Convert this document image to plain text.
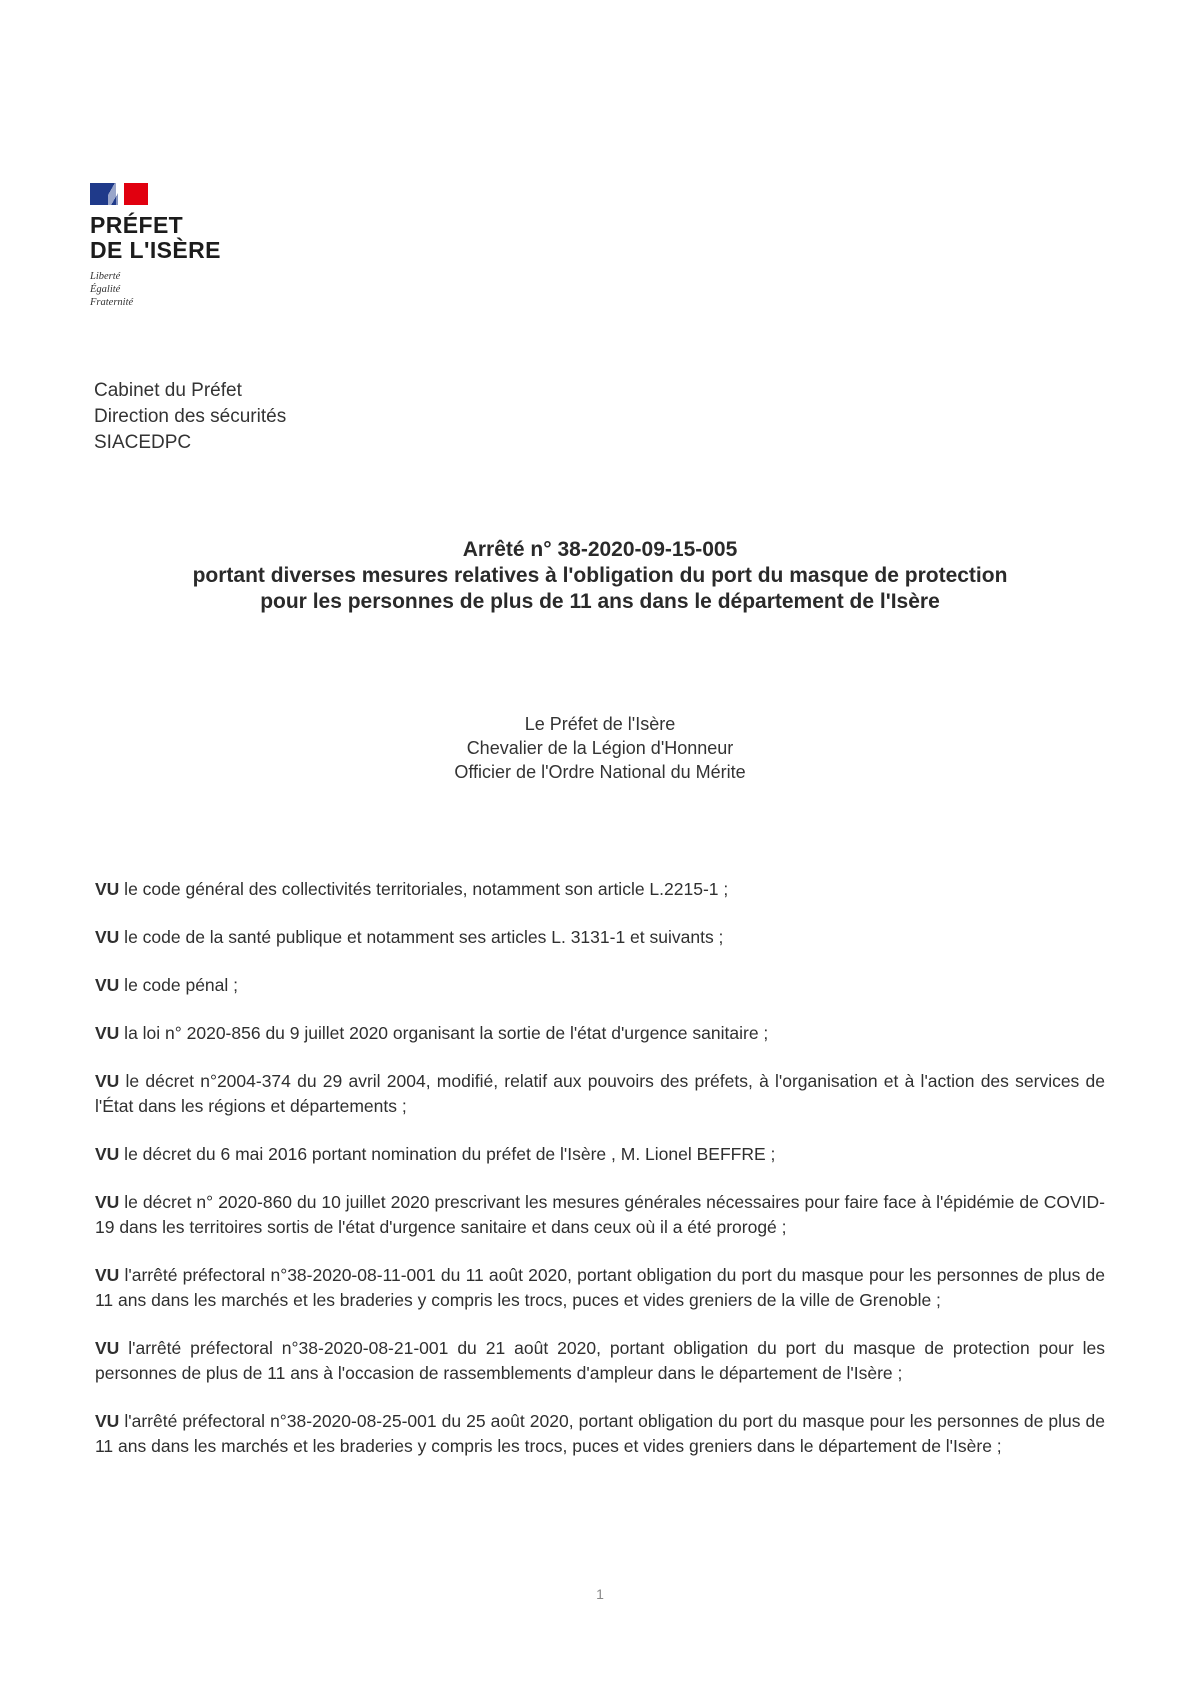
PRÉFET
DE L'ISÈRE
Liberté
Égalité
Fraternité
Cabinet du Préfet
Direction des sécurités
SIACEDPC
Arrêté n° 38-2020-09-15-005
portant diverses mesures relatives à l'obligation du port du masque de protection
pour les personnes de plus de 11 ans dans le département de l'Isère
Le Préfet de l'Isère
Chevalier de la Légion d'Honneur
Officier de l'Ordre National du Mérite

VU le code général des collectivités territoriales, notamment son article L.2215-1 ;

VU le code de la santé publique et notamment ses articles L. 3131-1 et suivants ;

VU le code pénal ;

VU la loi n° 2020-856 du 9 juillet 2020 organisant la sortie de l'état d'urgence sanitaire ;

VU le décret n°2004-374 du 29 avril 2004, modifié, relatif aux pouvoirs des préfets, à l'organisation et à l'action des services de l'État dans les régions et départements ;

VU le décret du 6 mai 2016 portant nomination du préfet de l'Isère , M. Lionel BEFFRE ;

VU le décret n° 2020-860 du 10 juillet 2020 prescrivant les mesures générales nécessaires pour faire face à l'épidémie de COVID-19 dans les territoires sortis de l'état d'urgence sanitaire et dans ceux où il a été prorogé ;

VU l'arrêté préfectoral n°38-2020-08-11-001 du 11 août 2020, portant obligation du port du masque pour les personnes de plus de 11 ans dans les marchés et les braderies y compris les trocs, puces et vides greniers de la ville de Grenoble ;

VU l'arrêté préfectoral n°38-2020-08-21-001 du 21 août 2020, portant obligation du port du masque de protection pour les personnes de plus de 11 ans à l'occasion de rassemblements d'ampleur dans le département de l'Isère ;

VU l'arrêté préfectoral n°38-2020-08-25-001 du 25 août 2020, portant obligation du port du masque pour les personnes de plus de 11 ans dans les marchés et les braderies y compris les trocs, puces et vides greniers dans le département de l'Isère ;

1
